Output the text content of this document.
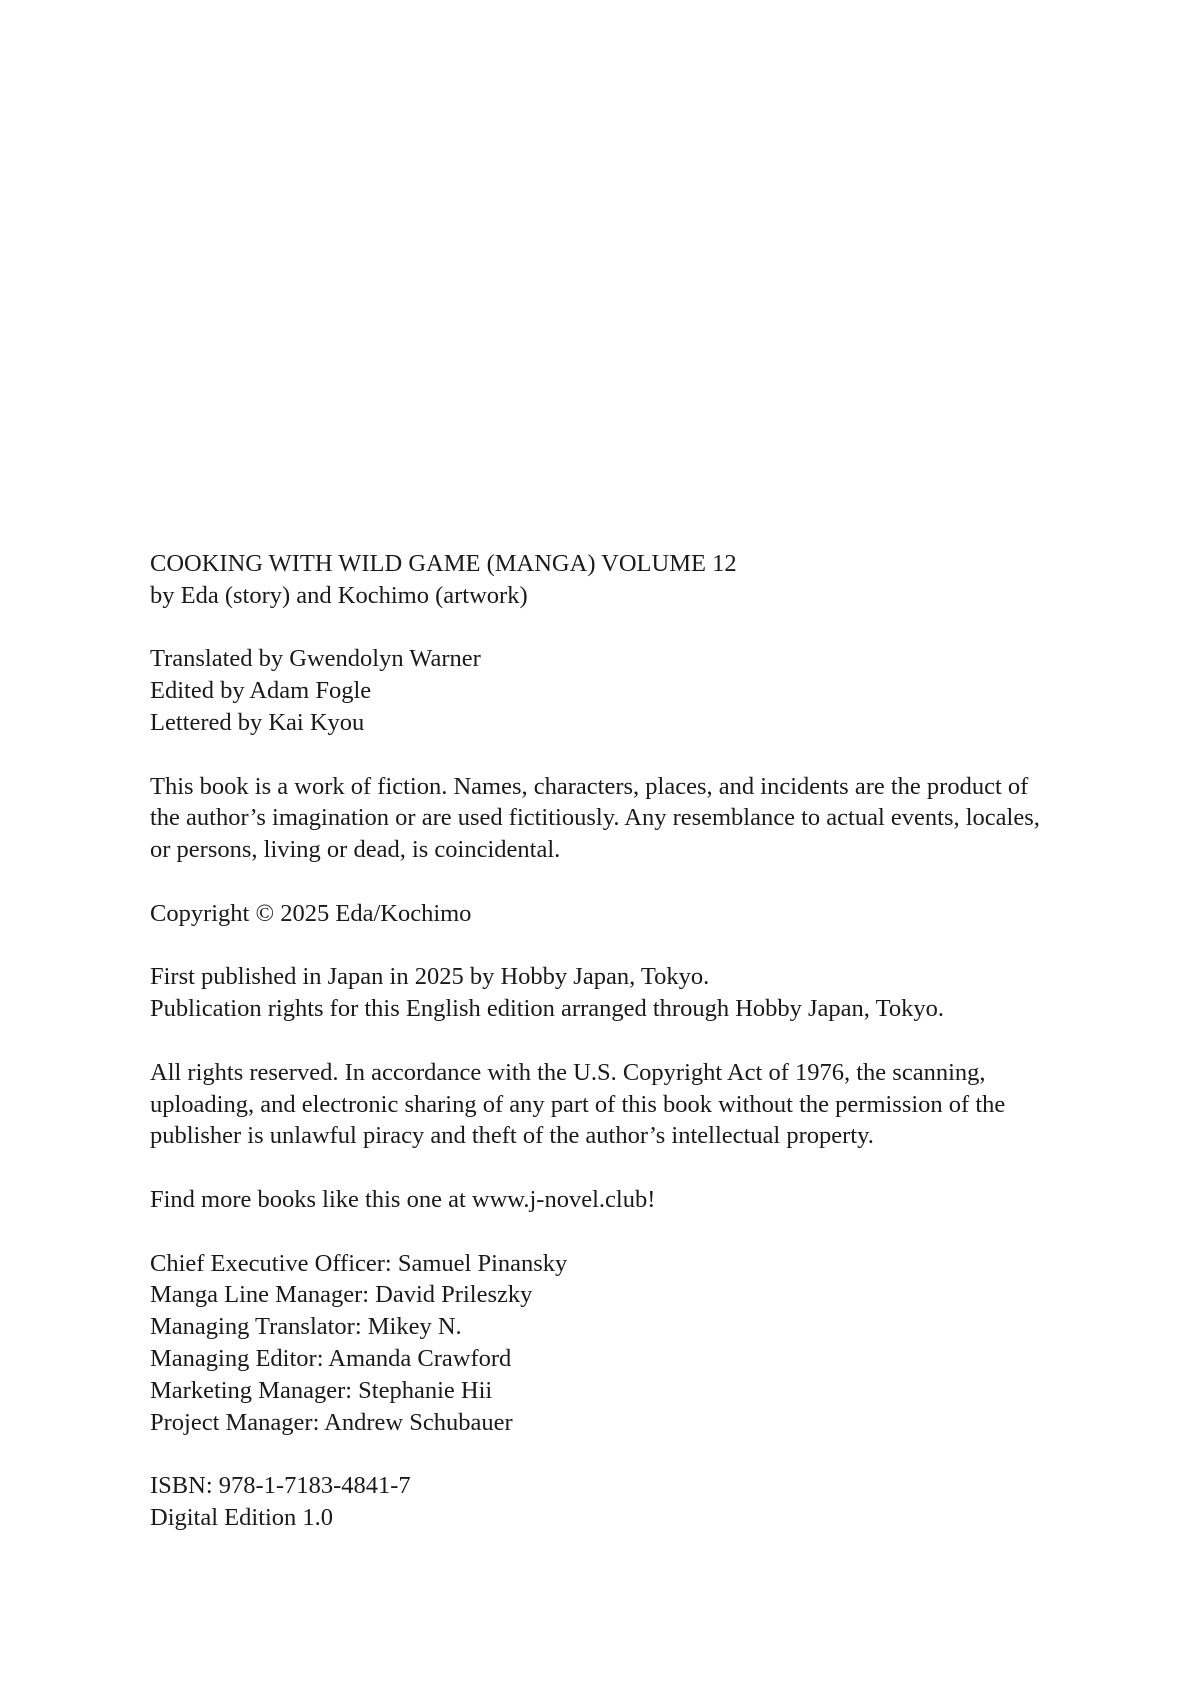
COOKING WITH WILD GAME (MANGA) VOLUME 12
by Eda (story) and Kochimo (artwork)
Translated by Gwendolyn Warner
Edited by Adam Fogle
Lettered by Kai Kyou
This book is a work of fiction. Names, characters, places, and incidents are the product of
the author’s imagination or are used fictitiously. Any resemblance to actual events, locales,
or persons, living or dead, is coincidental.
Copyright © 2025 Eda/Kochimo
First published in Japan in 2025 by Hobby Japan, Tokyo.
Publication rights for this English edition arranged through Hobby Japan, Tokyo.
All rights reserved. In accordance with the U.S. Copyright Act of 1976, the scanning,
uploading, and electronic sharing of any part of this book without the permission of the
publisher is unlawful piracy and theft of the author’s intellectual property.
Find more books like this one at www.j-novel.club!
Chief Executive Officer: Samuel Pinansky
Manga Line Manager: David Prileszky
Managing Translator: Mikey N.
Managing Editor: Amanda Crawford
Marketing Manager: Stephanie Hii
Project Manager: Andrew Schubauer
ISBN: 978-1-7183-4841-7
Digital Edition 1.0
